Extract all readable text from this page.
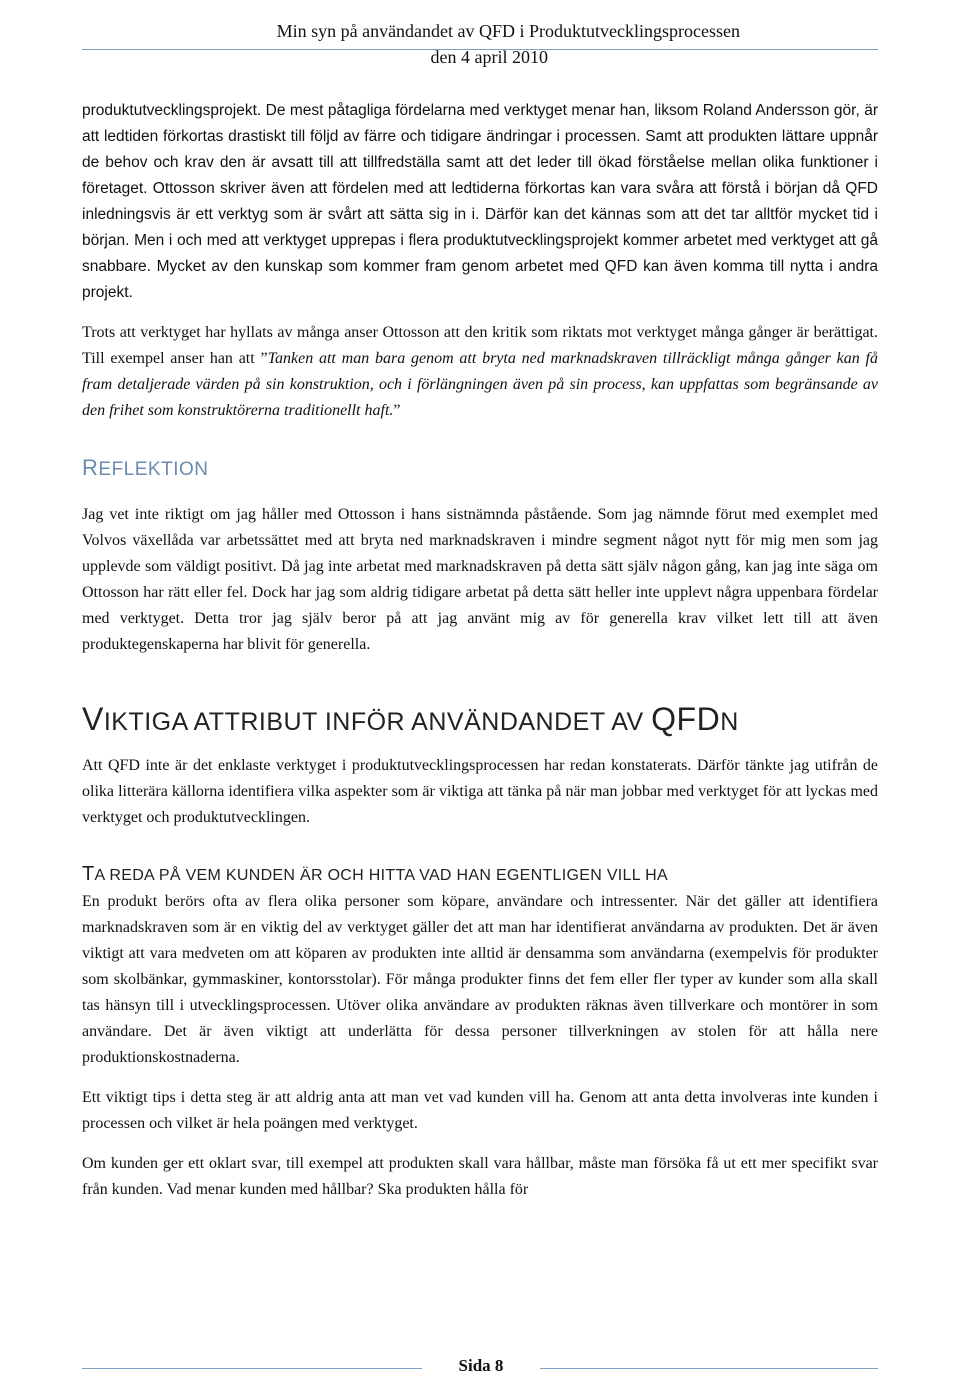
Min syn på användandet av QFD i Produktutvecklingsprocessen
den 4 april 2010

produktutvecklingsprojekt. De mest påtagliga fördelarna med verktyget menar han, liksom Roland Andersson gör, är att ledtiden förkortas drastiskt till följd av färre och tidigare ändringar i processen. Samt att produkten lättare uppnår de behov och krav den är avsatt till att tillfredställa samt att det leder till ökad förståelse mellan olika funktioner i företaget. Ottosson skriver även att fördelen med att ledtiderna förkortas kan vara svåra att förstå i början då QFD inledningsvis är ett verktyg som är svårt att sätta sig in i. Därför kan det kännas som att det tar alltför mycket tid i början. Men i och med att verktyget upprepas i flera produktutvecklingsprojekt kommer arbetet med verktyget att gå snabbare. Mycket av den kunskap som kommer fram genom arbetet med QFD kan även komma till nytta i andra projekt.

Trots att verktyget har hyllats av många anser Ottosson att den kritik som riktats mot verktyget många gånger är berättigat. Till exempel anser han att ”Tanken att man bara genom att bryta ned marknadskraven tillräckligt många gånger kan få fram detaljerade värden på sin konstruktion, och i förlängningen även på sin process, kan uppfattas som begränsande av den frihet som konstruktörerna traditionellt haft.”

REFLEKTION

Jag vet inte riktigt om jag håller med Ottosson i hans sistnämnda påstående. Som jag nämnde förut med exemplet med Volvos växellåda var arbetssättet med att bryta ned marknadskraven i mindre segment något nytt för mig men som jag upplevde som väldigt positivt. Då jag inte arbetat med marknadskraven på detta sätt själv någon gång, kan jag inte säga om Ottosson har rätt eller fel. Dock har jag som aldrig tidigare arbetat på detta sätt heller inte upplevt några uppenbara fördelar med verktyget. Detta tror jag själv beror på att jag använt mig av för generella krav vilket lett till att även produktegenskaperna har blivit för generella.

VIKTIGA ATTRIBUT INFÖR ANVÄNDANDET AV QFDN

Att QFD inte är det enklaste verktyget i produktutvecklingsprocessen har redan konstaterats. Därför tänkte jag utifrån de olika litterära källorna identifiera vilka aspekter som är viktiga att tänka på när man jobbar med verktyget för att lyckas med verktyget och produktutvecklingen.

TA REDA PÅ VEM KUNDEN ÄR OCH HITTA VAD HAN EGENTLIGEN VILL HA

En produkt berörs ofta av flera olika personer som köpare, användare och intressenter. När det gäller att identifiera marknadskraven som är en viktig del av verktyget gäller det att man har identifierat användarna av produkten. Det är även viktigt att vara medveten om att köparen av produkten inte alltid är densamma som användarna (exempelvis för produkter som skolbänkar, gymmaskiner, kontorsstolar). För många produkter finns det fem eller fler typer av kunder som alla skall tas hänsyn till i utvecklingsprocessen. Utöver olika användare av produkten räknas även tillverkare och montörer in som användare. Det är även viktigt att underlätta för dessa personer tillverkningen av stolen för att hålla nere produktionskostnaderna.

Ett viktigt tips i detta steg är att aldrig anta att man vet vad kunden vill ha. Genom att anta detta involveras inte kunden i processen och vilket är hela poängen med verktyget.

Om kunden ger ett oklart svar, till exempel att produkten skall vara hållbar, måste man försöka få ut ett mer specifikt svar från kunden. Vad menar kunden med hållbar? Ska produkten hålla för

Sida 8
